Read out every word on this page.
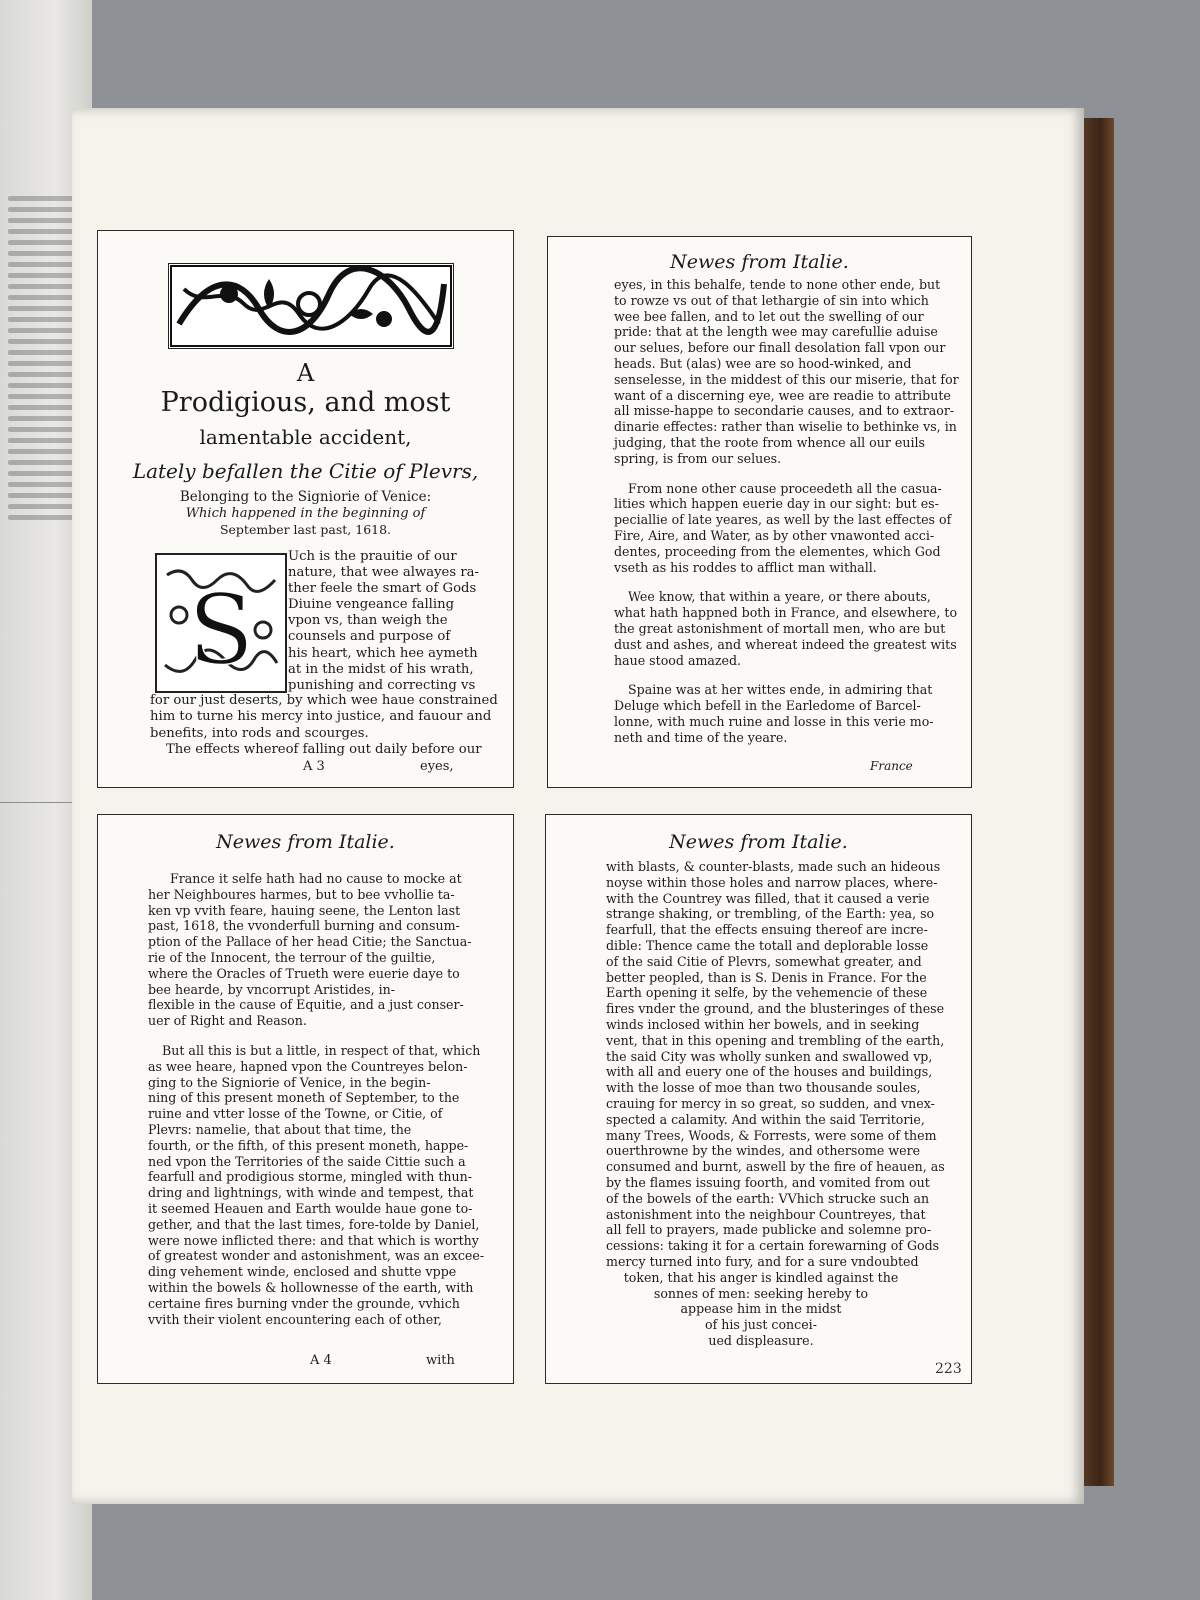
A
Prodigious, and most
lamentable accident,
Lately befallen the Citie of Plevrs,
Belonging to the Signiorie of Venice:
Which happened in the beginning of
September last past, 1618.
S
Uch is the prauitie of our
nature, that wee alwayes ra-
ther feele the smart of Gods
Diuine vengeance falling
vpon vs, than weigh the
counsels and purpose of
his heart, which hee aymeth
at in the midst of his wrath,
punishing and correcting vs
for our just deserts, by which wee haue constrained
him to turne his mercy into justice, and fauour and
benefits, into rods and scourges.
The effects whereof falling out daily before our
A 3	eyes,
Newes from Italie.
eyes, in this behalfe, tende to none other ende, but
to rowze vs out of that lethargie of sin into which
wee bee fallen, and to let out the swelling of our
pride: that at the length wee may carefullie aduise
our selues, before our finall desolation fall vpon our
heads. But (alas) wee are so hood-winked, and
senselesse, in the middest of this our miserie, that for
want of a discerning eye, wee are readie to attribute
all misse-happe to secondarie causes, and to extraor-
dinarie effectes: rather than wiselie to bethinke vs, in
judging, that the roote from whence all our euils
spring, is from our selues.
From none other cause proceedeth all the casua-
lities which happen euerie day in our sight: but es-
peciallie of late yeares, as well by the last effectes of
Fire, Aire, and Water, as by other vnawonted acci-
dentes, proceeding from the elementes, which God
vseth as his roddes to afflict man withall.
Wee know, that within a yeare, or there abouts,
what hath happned both in France, and elsewhere, to
the great astonishment of mortall men, who are but
dust and ashes, and whereat indeed the greatest wits
haue stood amazed.
Spaine was at her wittes ende, in admiring that
Deluge which befell in the Earledome of Barcel-
lonne, with much ruine and losse in this verie mo-
neth and time of the yeare.
France
Newes from Italie.
France it selfe hath had no cause to mocke at
her Neighboures harmes, but to bee vvhollie ta-
ken vp vvith feare, hauing seene, the Lenton last
past, 1618, the vvonderfull burning and consum-
ption of the Pallace of her head Citie; the Sanctua-
rie of the Innocent, the terrour of the guiltie,
where the Oracles of Trueth were euerie daye to
bee hearde, by vncorrupt Aristides, in-
flexible in the cause of Equitie, and a just conser-
uer of Right and Reason.
But all this is but a little, in respect of that, which
as wee heare, hapned vpon the Countreyes belon-
ging to the Signiorie of Venice, in the begin-
ning of this present moneth of September, to the
ruine and vtter losse of the Towne, or Citie, of
Plevrs: namelie, that about that time, the
fourth, or the fifth, of this present moneth, happe-
ned vpon the Territories of the saide Cittie such a
fearfull and prodigious storme, mingled with thun-
dring and lightnings, with winde and tempest, that
it seemed Heauen and Earth woulde haue gone to-
gether, and that the last times, fore-tolde by Daniel,
were nowe inflicted there: and that which is worthy
of greatest wonder and astonishment, was an excee-
ding vehement winde, enclosed and shutte vppe
within the bowels & hollownesse of the earth, with
certaine fires burning vnder the grounde, vvhich
vvith their violent encountering each of other,
A 4	with
Newes from Italie.
with blasts, & counter-blasts, made such an hideous
noyse within those holes and narrow places, where-
with the Countrey was filled, that it caused a verie
strange shaking, or trembling, of the Earth: yea, so
fearfull, that the effects ensuing thereof are incre-
dible: Thence came the totall and deplorable losse
of the said Citie of Plevrs, somewhat greater, and
better peopled, than is S. Denis in France. For the
Earth opening it selfe, by the vehemencie of these
fires vnder the ground, and the blusteringes of these
winds inclosed within her bowels, and in seeking
vent, that in this opening and trembling of the earth,
the said City was wholly sunken and swallowed vp,
with all and euery one of the houses and buildings,
with the losse of moe than two thousande soules,
crauing for mercy in so great, so sudden, and vnex-
spected a calamity. And within the said Territorie,
many Trees, Woods, & Forrests, were some of them
ouerthrowne by the windes, and othersome were
consumed and burnt, aswell by the fire of heauen, as
by the flames issuing foorth, and vomited from out
of the bowels of the earth: VVhich strucke such an
astonishment into the neighbour Countreyes, that
all fell to prayers, made publicke and solemne pro-
cessions: taking it for a certain forewarning of Gods
mercy turned into fury, and for a sure vndoubted
token, that his anger is kindled against the
sonnes of men: seeking hereby to
appease him in the midst
of his just concei-
ued displeasure.
223
